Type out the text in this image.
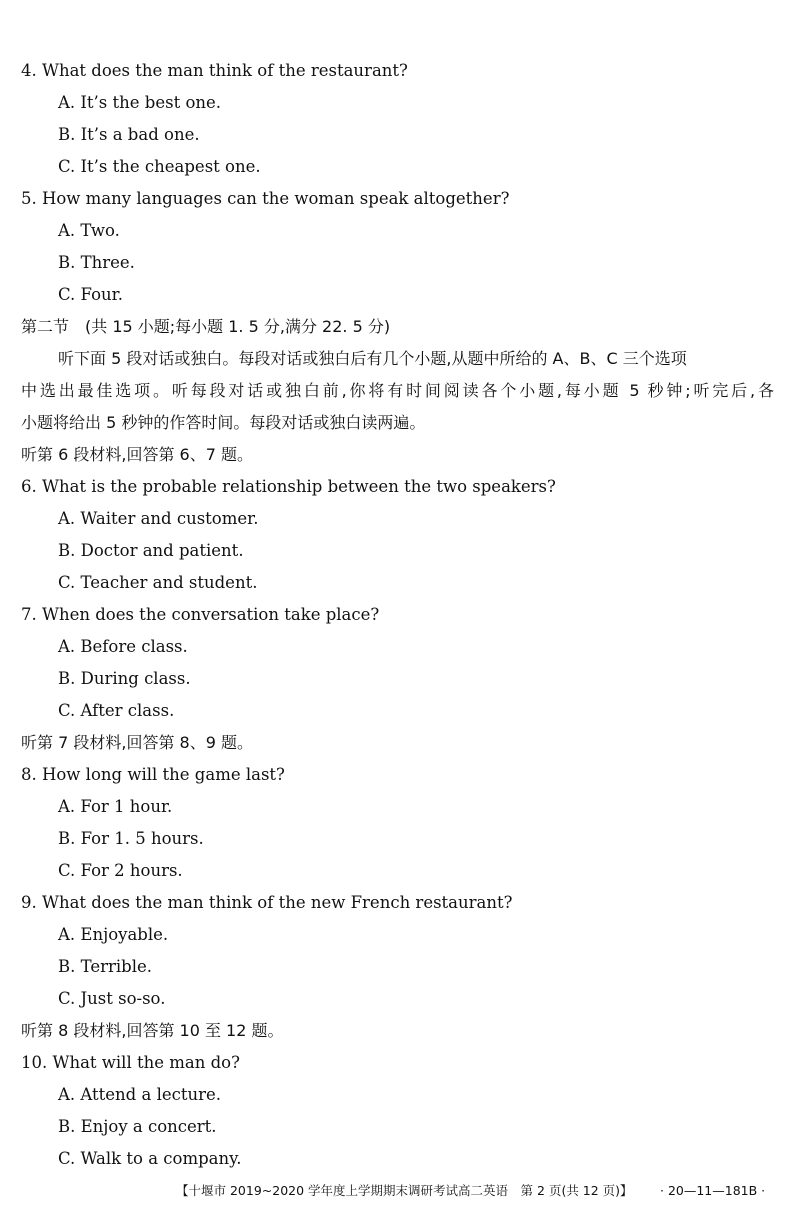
4. What does the man think of the restaurant?
A. It’s the best one.
B. It’s a bad one.
C. It’s the cheapest one.
5. How many languages can the woman speak altogether?
A. Two.
B. Three.
C. Four.
第二节　(共 15 小题;每小题 1. 5 分,满分 22. 5 分)
听下面 5 段对话或独白。每段对话或独白后有几个小题,从题中所给的 A、B、C 三个选项
中选出最佳选项。听每段对话或独白前,你将有时间阅读各个小题,每小题 5 秒钟;听完后,各
小题将给出 5 秒钟的作答时间。每段对话或独白读两遍。
听第 6 段材料,回答第 6、7 题。
6. What is the probable relationship between the two speakers?
A. Waiter and customer.
B. Doctor and patient.
C. Teacher and student.
7. When does the conversation take place?
A. Before class.
B. During class.
C. After class.
听第 7 段材料,回答第 8、9 题。
8. How long will the game last?
A. For 1 hour.
B. For 1. 5 hours.
C. For 2 hours.
9. What does the man think of the new French restaurant?
A. Enjoyable.
B. Terrible.
C. Just so-so.
听第 8 段材料,回答第 10 至 12 题。
10. What will the man do?
A. Attend a lecture.
B. Enjoy a concert.
C. Walk to a company.
【十堰市 2019~2020 学年度上学期期末调研考试高二英语　第 2 页(共 12 页)】 · 20—11—181B ·
